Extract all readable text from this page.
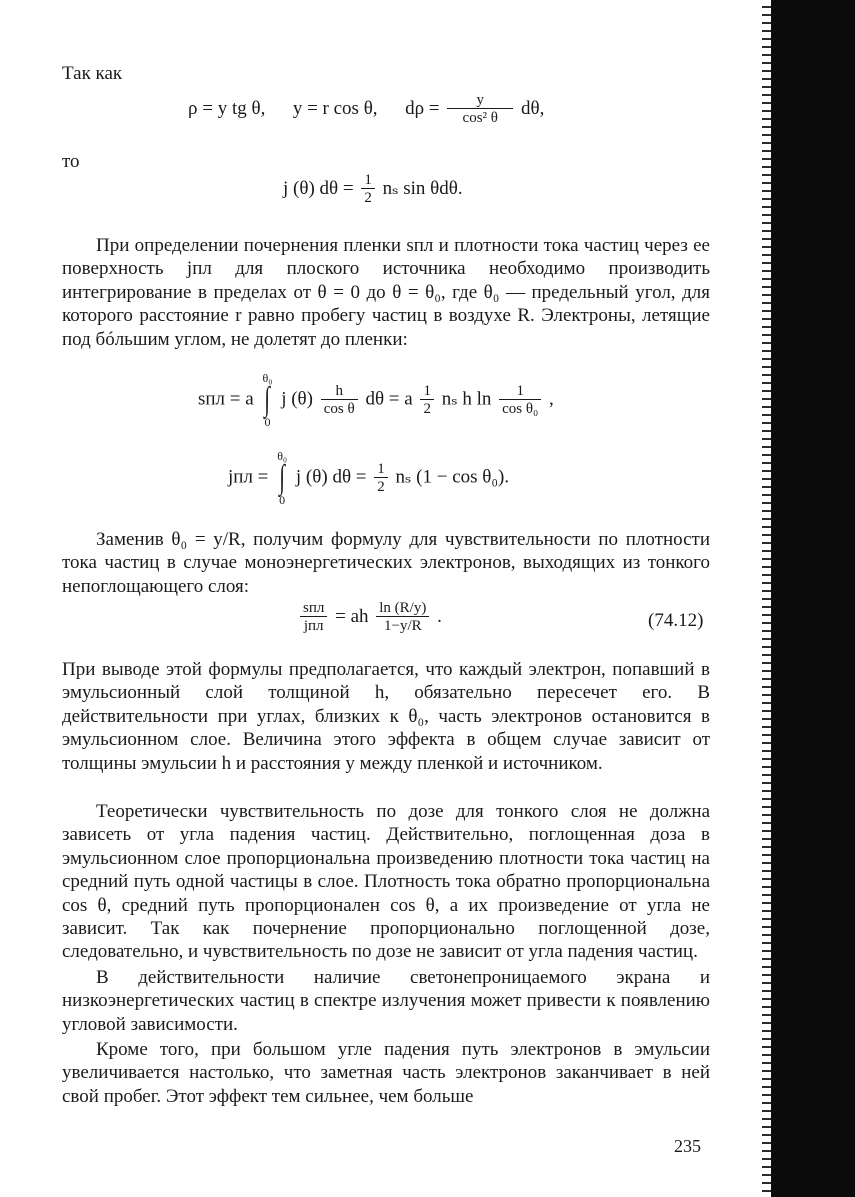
Так как
ρ = y tg θ, y = r cos θ, $d\rho = \frac{y}{\text{cos² θ}} d\theta$,
то
j (θ) $d\theta = \frac{1}{2}$ nₛ sin θdθ.

При определении почернения пленки sпл и плотности тока частиц через ее поверхность jпл для плоского источника необходимо производить интегрирование в пределах от θ = 0 до θ = θ₀, где θ₀ — предельный угол, для которого расстояние r равно пробегу частиц в воздухе R. Электроны, летящие под бóльшим углом, не долетят до пленки:

sпл = a
θ₀
∫
0
j $(\theta) \frac{h}{\text{cos θ}}$ dθ = a $\frac{1}{2}$ nₛ h $\ln \frac{1}{\text{cos θ₀}}$ ,
jпл =
θ₀
∫
0
j (θ) $d\theta = \frac{1}{2}$ nₛ (1 − cos θ₀).

Заменив θ₀ = y/R, получим формулу для чувствительности по плотности тока частиц в случае моноэнергетических электронов, выходящих из тонкого непоглощающего слоя:

$\frac{\text{sпл}}{\text{jпл}}$ = ah $\frac{\ln (R/y)}{1-y/R}$ .	(74.12)

При выводе этой формулы предполагается, что каждый электрон, попавший в эмульсионный слой толщиной h, обязательно пересечет его. В действительности при углах, близких к θ₀, часть электронов остановится в эмульсионном слое. Величина этого эффекта в общем случае зависит от толщины эмульсии h и расстояния y между пленкой и источником.

Теоретически чувствительность по дозе для тонкого слоя не должна зависеть от угла падения частиц. Действительно, поглощенная доза в эмульсионном слое пропорциональна произведению плотности тока частиц на средний путь одной частицы в слое. Плотность тока обратно пропорциональна cos θ, средний путь пропорционален cos θ, а их произведение от угла не зависит. Так как почернение пропорционально поглощенной дозе, следовательно, и чувствительность по дозе не зависит от угла падения частиц.

В действительности наличие светонепроницаемого экрана и низкоэнергетических частиц в спектре излучения может привести к появлению угловой зависимости.

Кроме того, при большом угле падения путь электронов в эмульсии увеличивается настолько, что заметная часть электронов заканчивает в ней свой пробег. Этот эффект тем сильнее, чем больше

235
